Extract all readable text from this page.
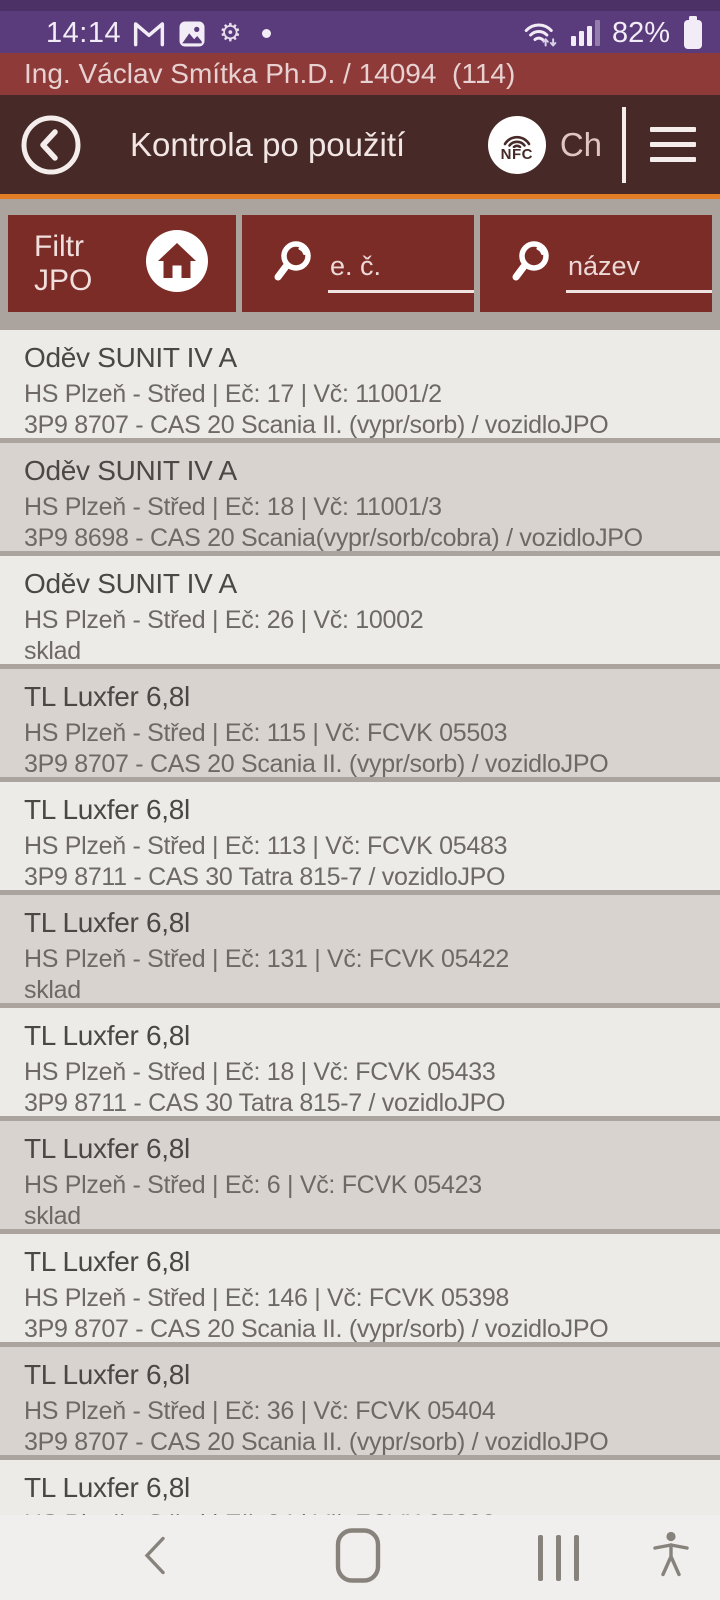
14:14	⚙	82%
Ing. Václav Smítka Ph.D. / 14094  (114)
Kontrola po použití	NFC Ch
Filtr JPO
e. č.
název
Oděv SUNIT IV A
HS Plzeň - Střed | Eč: 17 | Vč: 11001/2
3P9 8707 - CAS 20 Scania II. (vypr/sorb) / vozidloJPO
Oděv SUNIT IV A
HS Plzeň - Střed | Eč: 18 | Vč: 11001/3
3P9 8698 - CAS 20 Scania(vypr/sorb/cobra) / vozidloJPO
Oděv SUNIT IV A
HS Plzeň - Střed | Eč: 26 | Vč: 10002
sklad
TL Luxfer 6,8l
HS Plzeň - Střed | Eč: 115 | Vč: FCVK 05503
3P9 8707 - CAS 20 Scania II. (vypr/sorb) / vozidloJPO
TL Luxfer 6,8l
HS Plzeň - Střed | Eč: 113 | Vč: FCVK 05483
3P9 8711 - CAS 30 Tatra 815-7 / vozidloJPO
TL Luxfer 6,8l
HS Plzeň - Střed | Eč: 131 | Vč: FCVK 05422
sklad
TL Luxfer 6,8l
HS Plzeň - Střed | Eč: 18 | Vč: FCVK 05433
3P9 8711 - CAS 30 Tatra 815-7 / vozidloJPO
TL Luxfer 6,8l
HS Plzeň - Střed | Eč: 6 | Vč: FCVK 05423
sklad
TL Luxfer 6,8l
HS Plzeň - Střed | Eč: 146 | Vč: FCVK 05398
3P9 8707 - CAS 20 Scania II. (vypr/sorb) / vozidloJPO
TL Luxfer 6,8l
HS Plzeň - Střed | Eč: 36 | Vč: FCVK 05404
3P9 8707 - CAS 20 Scania II. (vypr/sorb) / vozidloJPO
TL Luxfer 6,8l
